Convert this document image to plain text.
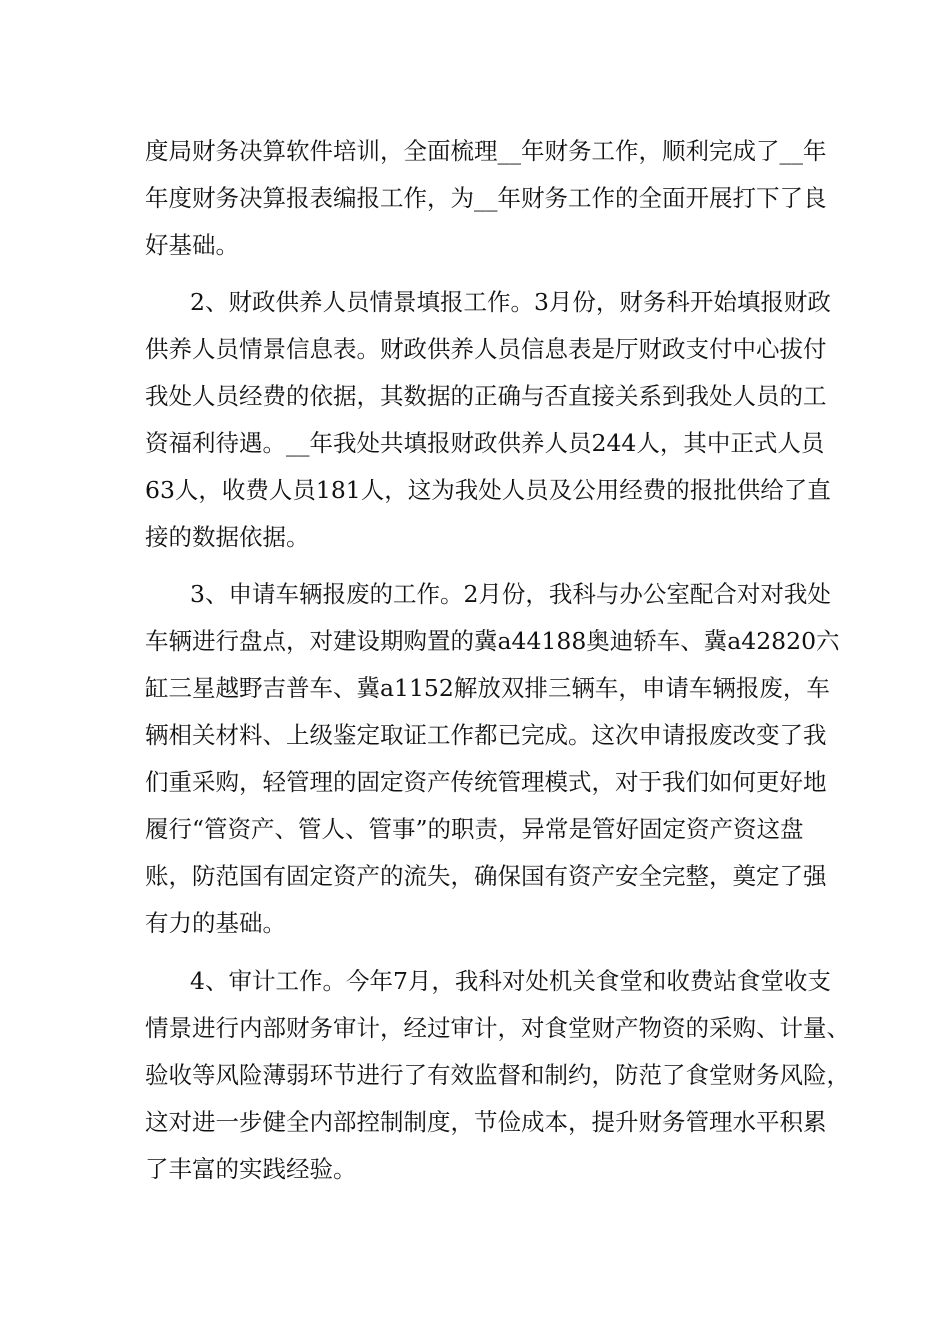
度局财务决算软件培训，全面梳理__年财务工作，顺利完成了__年
年度财务决算报表编报工作，为__年财务工作的全面开展打下了良
好基础。
2、财政供养人员情景填报工作。3月份，财务科开始填报财政
供养人员情景信息表。财政供养人员信息表是厅财政支付中心拔付
我处人员经费的依据，其数据的正确与否直接关系到我处人员的工
资福利待遇。__年我处共填报财政供养人员244人，其中正式人员
63人，收费人员181人，这为我处人员及公用经费的报批供给了直
接的数据依据。
3、申请车辆报废的工作。2月份，我科与办公室配合对对我处
车辆进行盘点，对建设期购置的冀a44188奥迪轿车、冀a42820六
缸三星越野吉普车、冀a1152解放双排三辆车，申请车辆报废，车
辆相关材料、上级鉴定取证工作都已完成。这次申请报废改变了我
们重采购，轻管理的固定资产传统管理模式，对于我们如何更好地
履行“管资产、管人、管事”的职责，异常是管好固定资产资这盘
账，防范国有固定资产的流失，确保国有资产安全完整，奠定了强
有力的基础。
4、审计工作。今年7月，我科对处机关食堂和收费站食堂收支
情景进行内部财务审计，经过审计，对食堂财产物资的采购、计量、
验收等风险薄弱环节进行了有效监督和制约，防范了食堂财务风险，
这对进一步健全内部控制制度，节俭成本，提升财务管理水平积累
了丰富的实践经验。
